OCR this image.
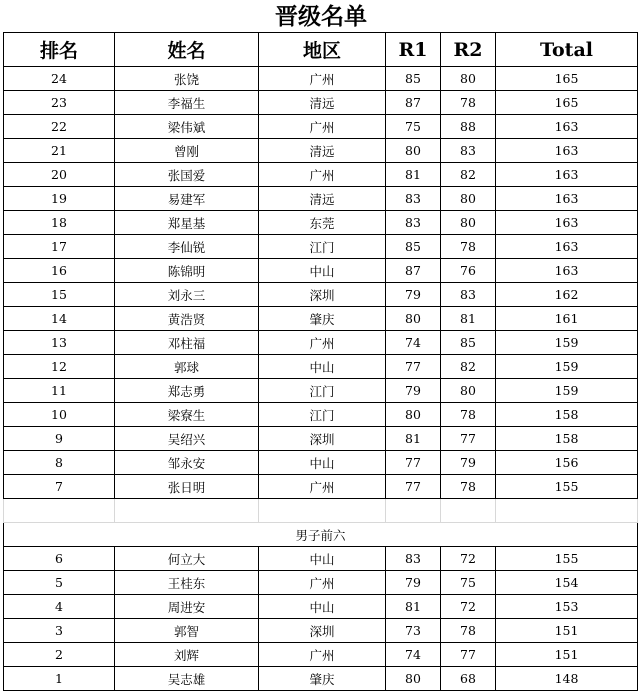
晋级名单
排名	姓名	地区	R1	R2	Total
24	张饶	广州	85	80	165
23	李福生	清远	87	78	165
22	梁伟斌	广州	75	88	163
21	曾刚	清远	80	83	163
20	张国爱	广州	81	82	163
19	易建军	清远	83	80	163
18	郑星基	东莞	83	80	163
17	李仙锐	江门	85	78	163
16	陈锦明	中山	87	76	163
15	刘永三	深圳	79	83	162
14	黄浩贤	肇庆	80	81	161
13	邓柱福	广州	74	85	159
12	郭球	中山	77	82	159
11	郑志勇	江门	79	80	159
10	梁寮生	江门	80	78	158
9	吴绍兴	深圳	81	77	158
8	邹永安	中山	77	79	156
7	张日明	广州	77	78	155

男子前六					
6	何立大	中山	83	72	155
5	王桂东	广州	79	75	154
4	周进安	中山	81	72	153
3	郭智	深圳	73	78	151
2	刘辉	广州	74	77	151
1	吴志雄	肇庆	80	68	148
